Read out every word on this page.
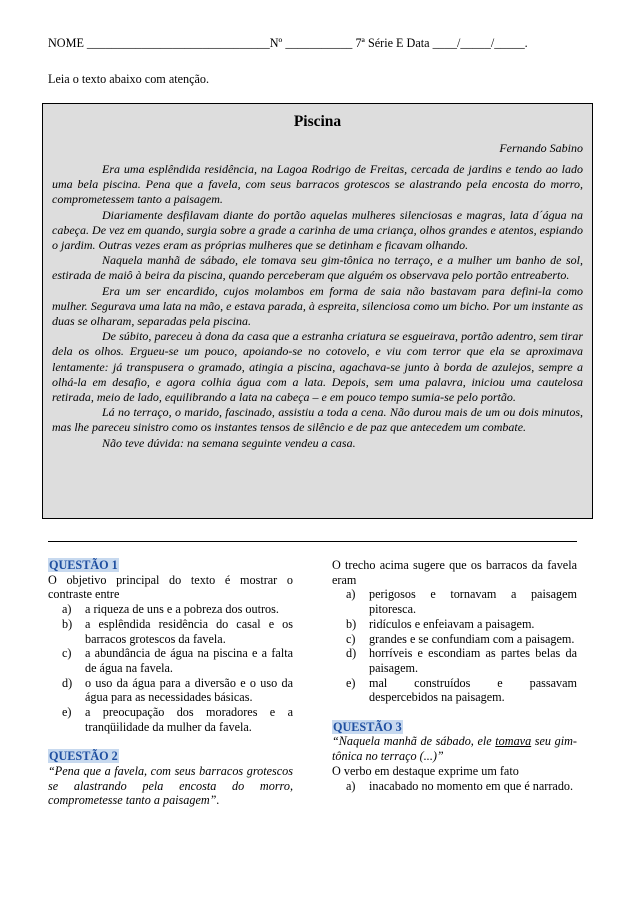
NOME ______________________________Nº ___________ 7ª Série E Data ____/_____/_____.
Leia o texto abaixo com atenção.
Piscina
Fernando Sabino

Era uma esplêndida residência, na Lagoa Rodrigo de Freitas, cercada de jardins e tendo ao lado uma bela piscina. Pena que a favela, com seus barracos grotescos se alastrando pela encosta do morro, comprometessem tanto a paisagem.

Diariamente desfilavam diante do portão aquelas mulheres silenciosas e magras, lata d´água na cabeça. De vez em quando, surgia sobre a grade a carinha de uma criança, olhos grandes e atentos, espiando o jardim. Outras vezes eram as próprias mulheres que se detinham e ficavam olhando.

Naquela manhã de sábado, ele tomava seu gim-tônica no terraço, e a mulher um banho de sol, estirada de maiô à beira da piscina, quando perceberam que alguém os observava pelo portão entreaberto.

Era um ser encardido, cujos molambos em forma de saia não bastavam para defini-la como mulher. Segurava uma lata na mão, e estava parada, à espreita, silenciosa como um bicho. Por um instante as duas se olharam, separadas pela piscina.

De súbito, pareceu à dona da casa que a estranha criatura se esgueirava, portão adentro, sem tirar dela os olhos. Ergueu-se um pouco, apoiando-se no cotovelo, e viu com terror que ela se aproximava lentamente: já transpusera o gramado, atingia a piscina, agachava-se junto à borda de azulejos, sempre a olhá-la em desafio, e agora colhia água com a lata. Depois, sem uma palavra, iniciou uma cautelosa retirada, meio de lado, equilibrando a lata na cabeça – e em pouco tempo sumia-se pelo portão.

Lá no terraço, o marido, fascinado, assistiu a toda a cena. Não durou mais de um ou dois minutos, mas lhe pareceu sinistro como os instantes tensos de silêncio e de paz que antecedem um combate.

Não teve dúvida: na semana seguinte vendeu a casa.

QUESTÃO 1

O objetivo principal do texto é mostrar o contraste entre

a) a riqueza de uns e a pobreza dos outros.
b) a esplêndida residência do casal e os barracos grotescos da favela.
c) a abundância de água na piscina e a falta de água na favela.
d) o uso da água para a diversão e o uso da água para as necessidades básicas.
e) a preocupação dos moradores e a tranqüilidade da mulher da favela.
QUESTÃO 2

“Pena que a favela, com seus barracos grotescos se alastrando pela encosta do morro, comprometesse tanto a paisagem”.

O trecho acima sugere que os barracos da favela eram

a) perigosos e tornavam a paisagem pitoresca.
b) ridículos e enfeiavam a paisagem.
c) grandes e se confundiam com a paisagem.
d) horríveis e escondiam as partes belas da paisagem.
e) mal construídos e passavam despercebidos na paisagem.
QUESTÃO 3

“Naquela manhã de sábado, ele tomava seu gim-tônica no terraço (...)”

O verbo em destaque exprime um fato

a) inacabado no momento em que é narrado.
